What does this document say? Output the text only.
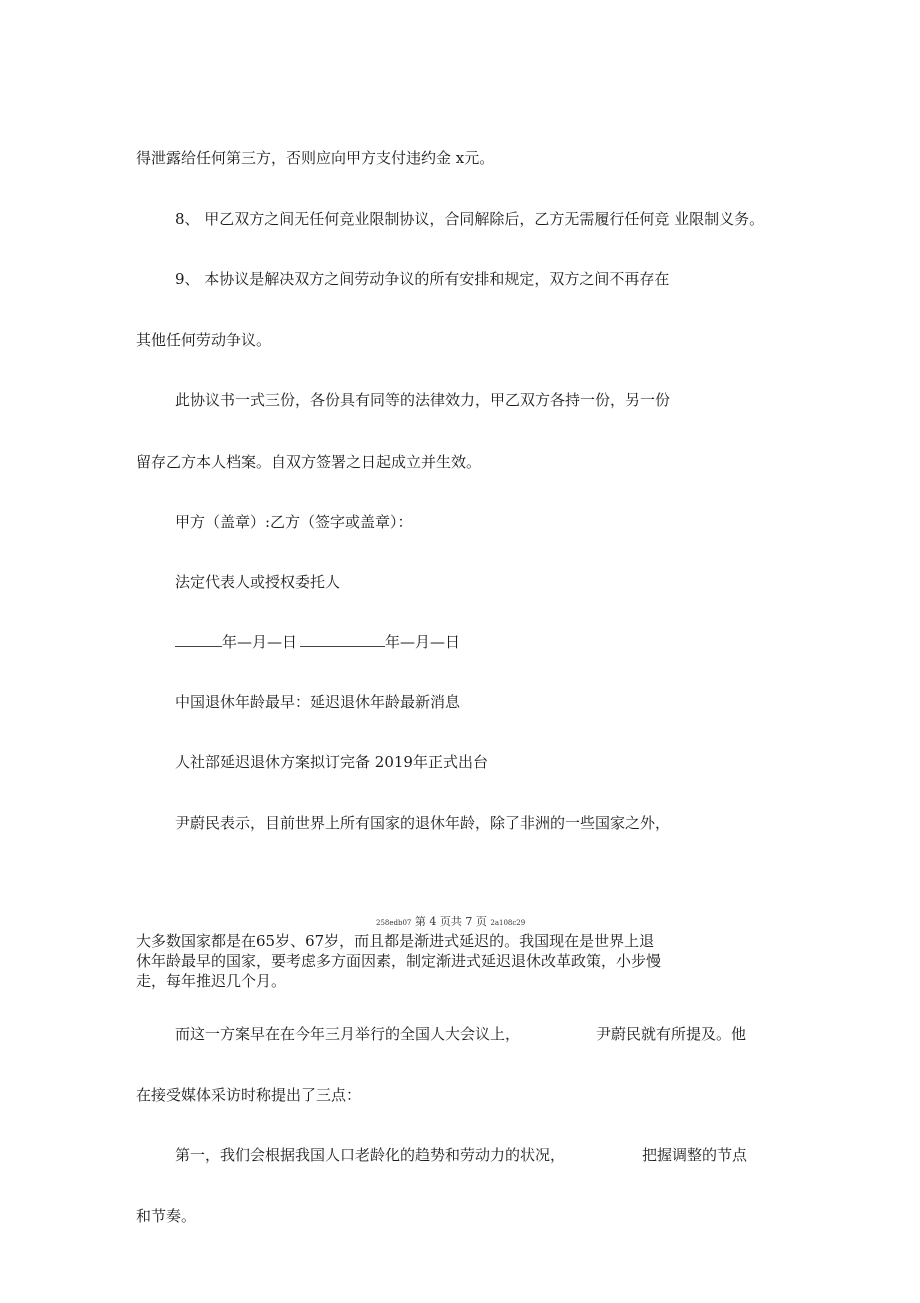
得泄露给任何第三方，否则应向甲方支付违约金 x元。
8、 甲乙双方之间无任何竞业限制协议，合同解除后，乙方无需履行任何竞 业限制义务。
9、 本协议是解决双方之间劳动争议的所有安排和规定，双方之间不再存在
其他任何劳动争议。
此协议书一式三份，各份具有同等的法律效力，甲乙双方各持一份，另一份
留存乙方本人档案。自双方签署之日起成立并生效。
甲方（盖章）:乙方（签字或盖章）：
法定代表人或授权委托人
年—月—日	年—月—日
中国退休年龄最早：延迟退休年龄最新消息
人社部延迟退休方案拟订完备 2019年正式出台
尹蔚民表示，目前世界上所有国家的退休年龄，除了非洲的一些国家之外，
258edb07 第 4 页共 7 页 2a108c29
大多数国家都是在65岁、67岁，而且都是渐进式延迟的。我国现在是世界上退
休年龄最早的国家，要考虑多方面因素，制定渐进式延迟退休改革政策，小步慢
走，每年推迟几个月。
而这一方案早在在今年三月举行的全国人大会议上，	尹蔚民就有所提及。他
在接受媒体采访时称提出了三点：
第一，我们会根据我国人口老龄化的趋势和劳动力的状况，	把握调整的节点
和节奏。
